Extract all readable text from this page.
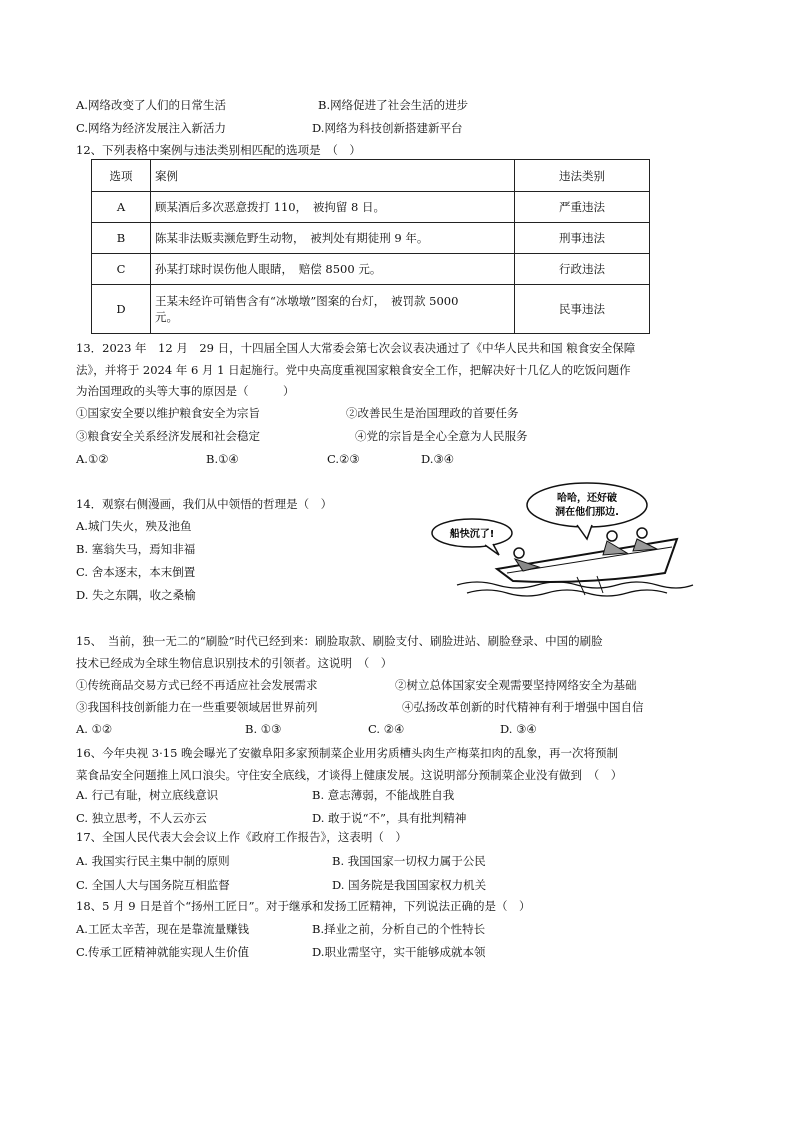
A.网络改变了人们的日常生活	B.网络促进了社会生活的进步
C.网络为经济发展注入新活力	D.网络为科技创新搭建新平台
12、下列表格中案例与违法类别相匹配的选项是　（　）
选项	案例	违法类别
A	顾某酒后多次恶意拨打 110，　被拘留 8 日。	严重违法
B	陈某非法贩卖濒危野生动物，　被判处有期徒刑 9 年。	刑事违法
C	孙某打球时误伤他人眼睛，　赔偿 8500 元。	行政违法
D	王某未经许可销售含有“冰墩墩”图案的台灯，　被罚款 5000
元。	民事违法
13．2023 年　12 月　29 日，十四届全国人大常委会第七次会议表决通过了《中华人民共和国 粮食安全保障
法》，并将于 2024 年 6 月 1 日起施行。党中央高度重视国家粮食安全工作，把解决好十几亿人的吃饭问题作
为治国理政的头等大事的原因是（　　　）
①国家安全要以维护粮食安全为宗旨	②改善民生是治国理政的首要任务
③粮食安全关系经济发展和社会稳定	④党的宗旨是全心全意为人民服务
A.①②	B.①④	C.②③	D.③④
14．观察右侧漫画，我们从中领悟的哲理是（　）
A.城门失火，殃及池鱼
B. 塞翁失马，焉知非福
C. 舍本逐末，本末倒置
D. 失之东隅，收之桑榆
哈哈，还好破
洞在他们那边.
船快沉了!
15、　当前，独一无二的“刷脸”时代已经到来：刷脸取款、刷脸支付、刷脸进站、刷脸登录、中国的刷脸
技术已经成为全球生物信息识别技术的引领者。这说明　（　）
①传统商品交易方式已经不再适应社会发展需求	②树立总体国家安全观需要坚持网络安全为基础
③我国科技创新能力在一些重要领域居世界前列	④弘扬改革创新的时代精神有利于增强中国自信
A. ①②	B. ①③	C. ②④	D. ③④
16、今年央视 3·15 晚会曝光了安徽阜阳多家预制菜企业用劣质槽头肉生产梅菜扣肉的乱象，再一次将预制
菜食品安全问题推上风口浪尖。守住安全底线，才谈得上健康发展。这说明部分预制菜企业没有做到　（　）
A. 行己有耻，树立底线意识	B. 意志薄弱，不能战胜自我
C. 独立思考，不人云亦云	D. 敢于说“不”，具有批判精神
17、全国人民代表大会会议上作《政府工作报告》，这表明（　）
A. 我国实行民主集中制的原则	B. 我国国家一切权力属于公民
C. 全国人大与国务院互相监督	D. 国务院是我国国家权力机关
18、5 月 9 日是首个“扬州工匠日”。对于继承和发扬工匠精神，下列说法正确的是（　）
A.工匠太辛苦，现在是靠流量赚钱	B.择业之前，分析自己的个性特长
C.传承工匠精神就能实现人生价值	D.职业需坚守，实干能够成就本领
